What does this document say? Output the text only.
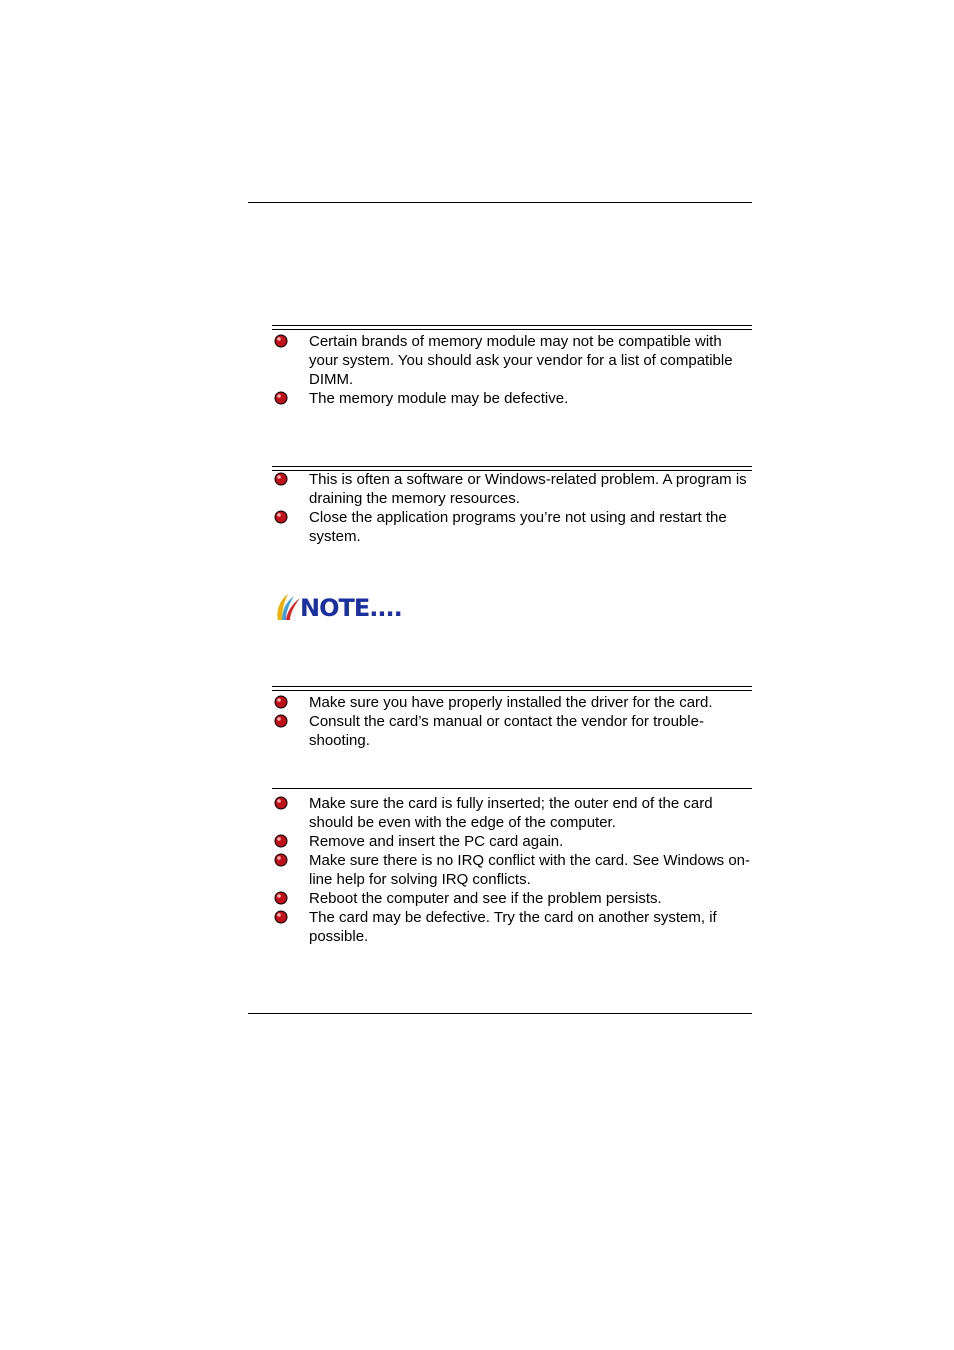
Certain brands of memory module may not be compatible with your system. You should ask your vendor for a list of compatible DIMM.
The memory module may be defective.
This is often a software or Windows-related problem. A program is draining the memory resources.
Close the application programs you’re not using and restart the system.
NOTE....
Make sure you have properly installed the driver for the card.
Consult the card’s manual or contact the vendor for trouble-shooting.
Make sure the card is fully inserted; the outer end of the card should be even with the edge of the computer.
Remove and insert the PC card again.
Make sure there is no IRQ conflict with the card. See Windows on-line help for solving IRQ conflicts.
Reboot the computer and see if the problem persists.
The card may be defective. Try the card on another system, if possible.
